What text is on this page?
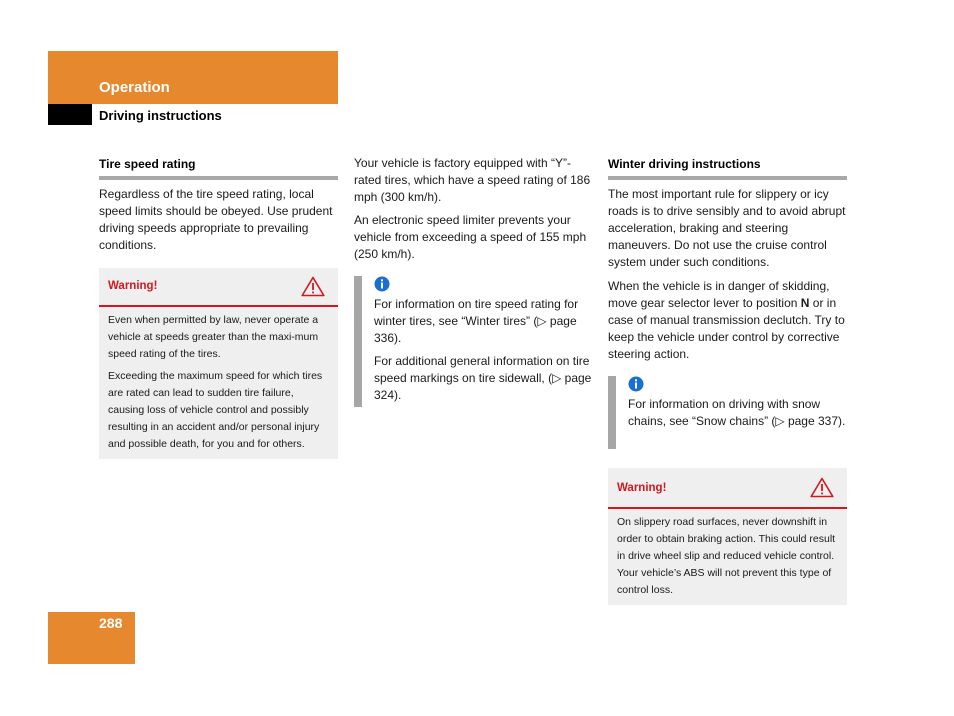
Operation
Driving instructions
Tire speed rating

Regardless of the tire speed rating, local speed limits should be obeyed. Use prudent driving speeds appropriate to prevailing conditions.

Warning!

Even when permitted by law, never operate a vehicle at speeds greater than the maxi-mum speed rating of the tires.

Exceeding the maximum speed for which tires are rated can lead to sudden tire failure, causing loss of vehicle control and possibly resulting in an accident and/or personal injury and possible death, for you and for others.

Your vehicle is factory equipped with “Y”-rated tires, which have a speed rating of 186 mph (300 km/h).

An electronic speed limiter prevents your vehicle from exceeding a speed of 155 mph (250 km/h).

For information on tire speed rating for winter tires, see “Winter tires” (▷ page 336).

For additional general information on tire speed markings on tire sidewall, (▷ page 324).

Winter driving instructions

The most important rule for slippery or icy roads is to drive sensibly and to avoid abrupt acceleration, braking and steering maneuvers. Do not use the cruise control system under such conditions.

When the vehicle is in danger of skidding, move gear selector lever to position N or in case of manual transmission declutch. Try to keep the vehicle under control by corrective steering action.

For information on driving with snow chains, see “Snow chains” (▷ page 337).

Warning!

On slippery road surfaces, never downshift in order to obtain braking action. This could result in drive wheel slip and reduced vehicle control. Your vehicle’s ABS will not prevent this type of control loss.

288
